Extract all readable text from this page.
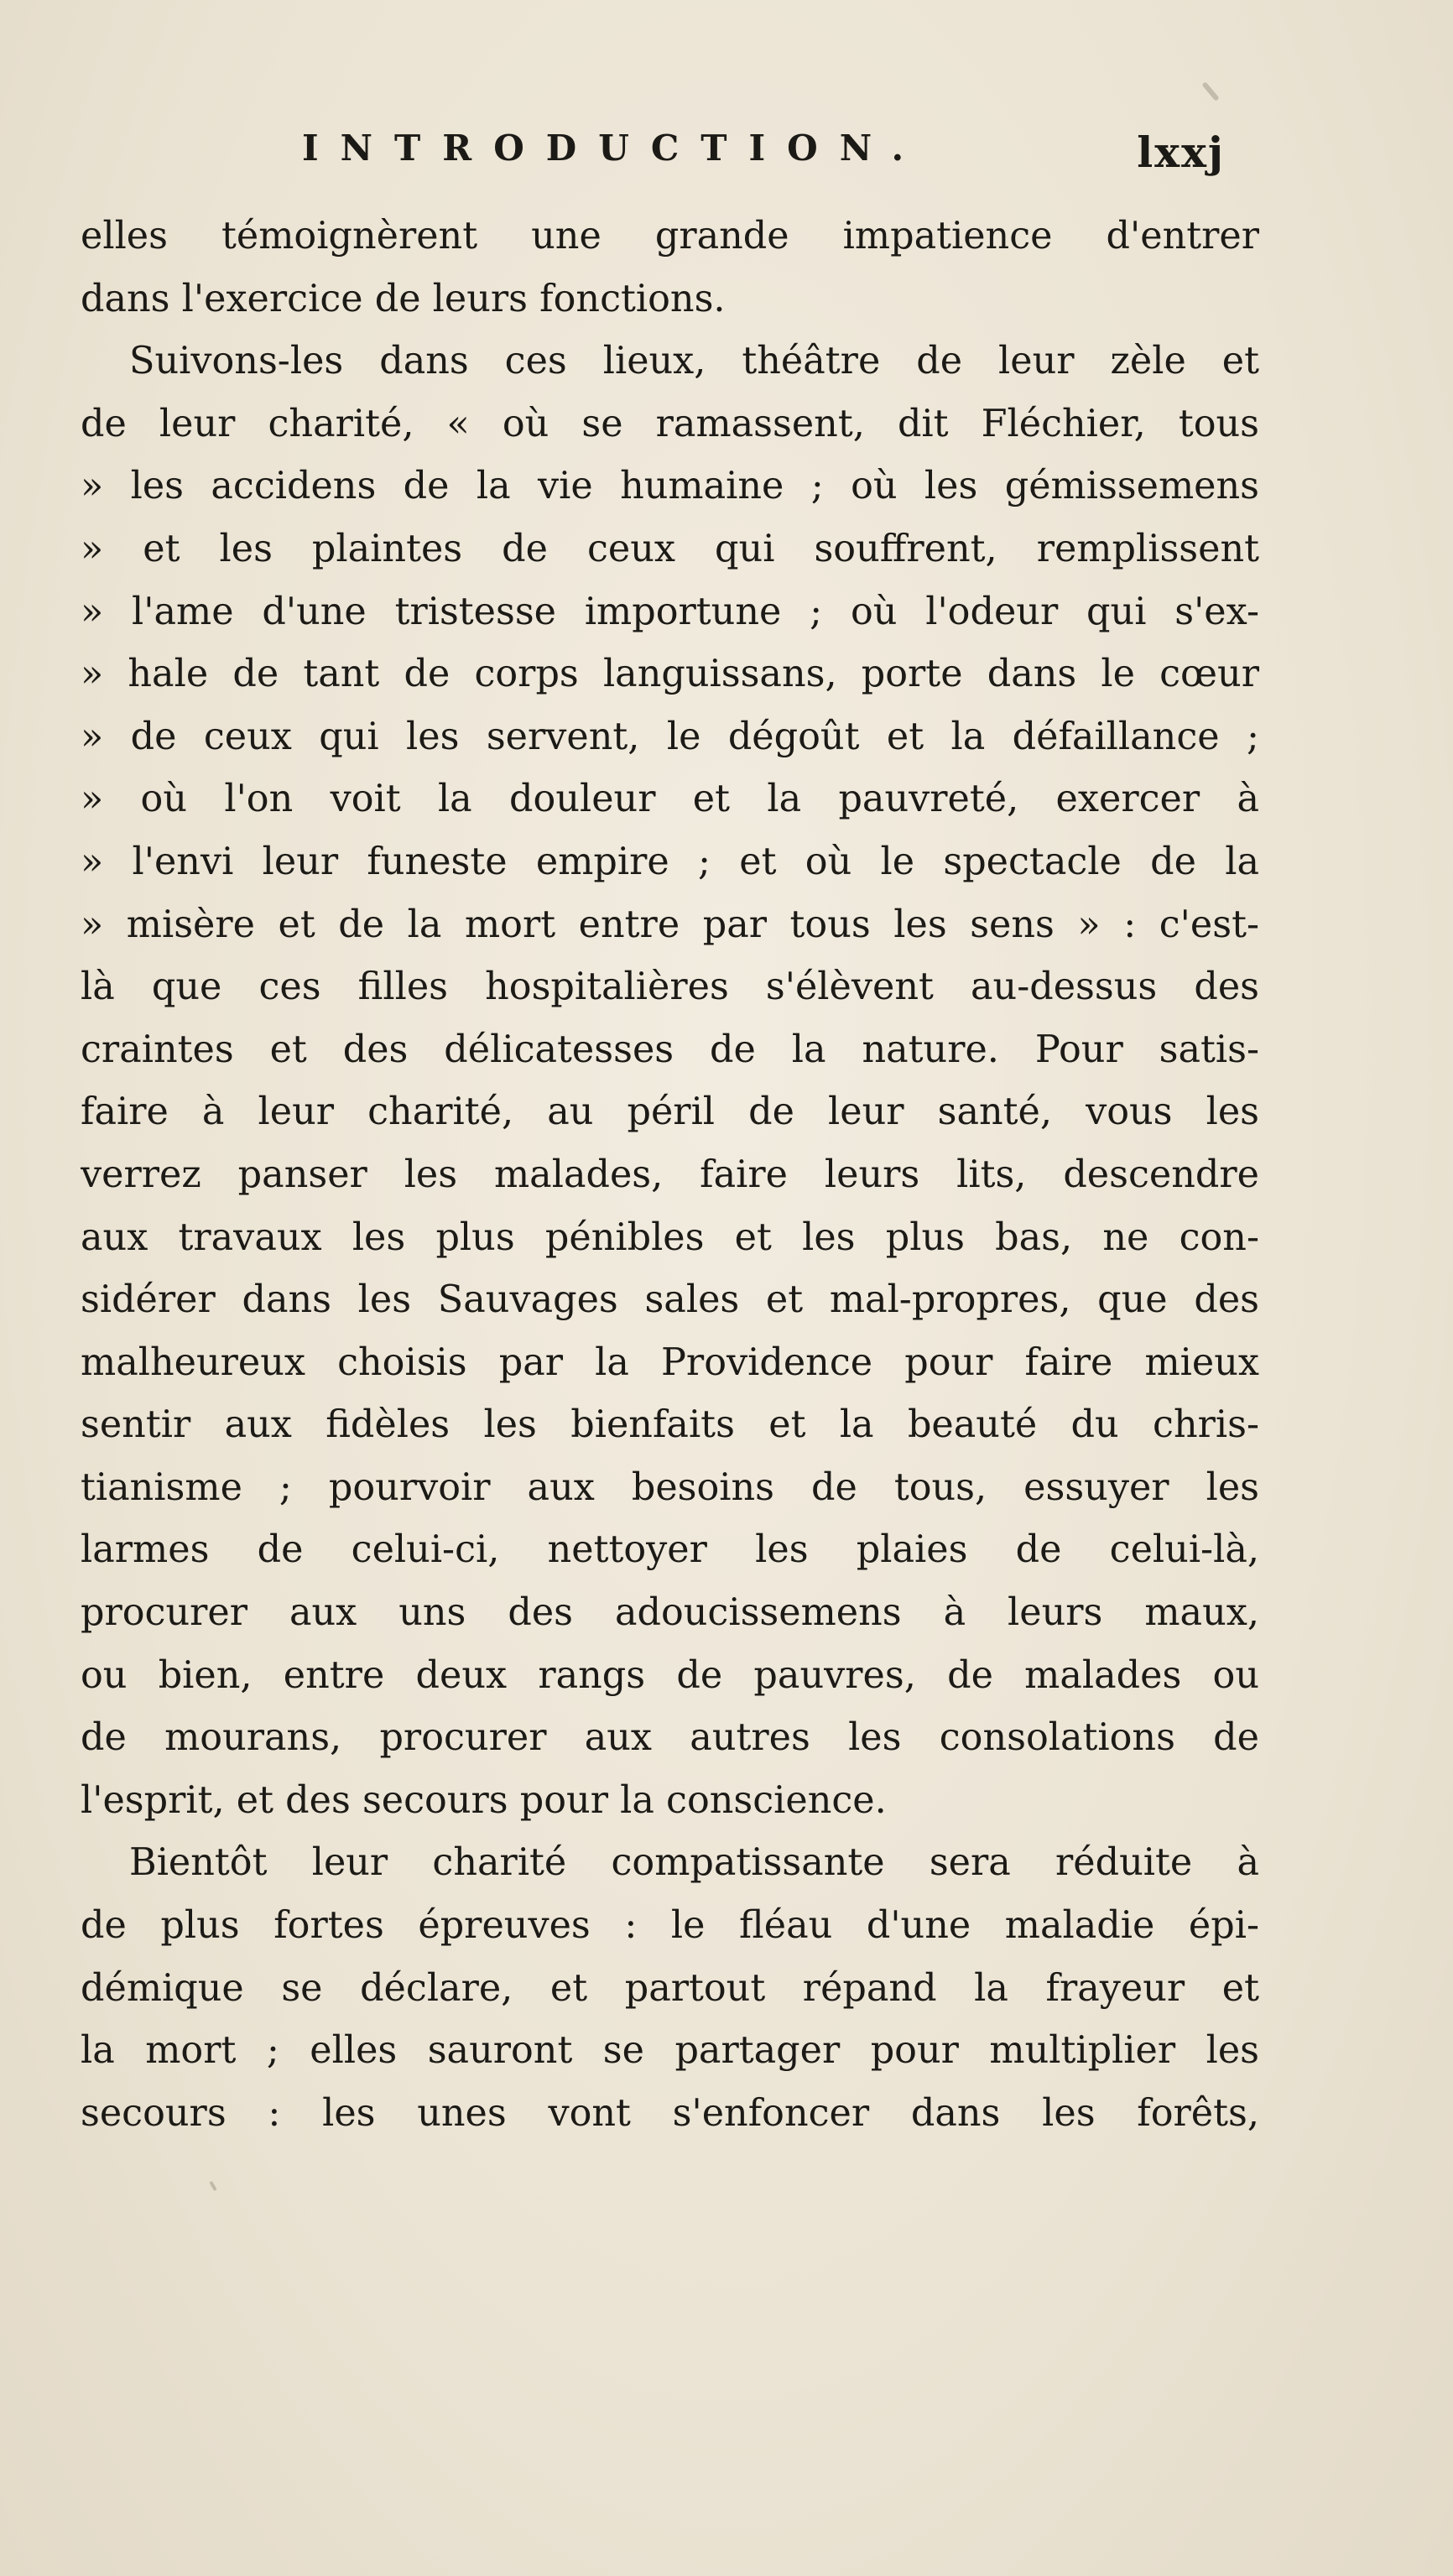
INTRODUCTION.	lxxj
elles témoignèrent une grande impatience d'entrer
dans l'exercice de leurs fonctions.
Suivons-les dans ces lieux, théâtre de leur zèle et
de leur charité, « où se ramassent, dit Fléchier, tous
» les accidens de la vie humaine ; où les gémissemens
» et les plaintes de ceux qui souffrent, remplissent
» l'ame d'une tristesse importune ; où l'odeur qui s'ex-
» hale de tant de corps languissans, porte dans le cœur
» de ceux qui les servent, le dégoût et la défaillance ;
» où l'on voit la douleur et la pauvreté, exercer à
» l'envi leur funeste empire ; et où le spectacle de la
» misère et de la mort entre par tous les sens » : c'est-
là que ces filles hospitalières s'élèvent au-dessus des
craintes et des délicatesses de la nature. Pour satis-
faire à leur charité, au péril de leur santé, vous les
verrez panser les malades, faire leurs lits, descendre
aux travaux les plus pénibles et les plus bas, ne con-
sidérer dans les Sauvages sales et mal-propres, que des
malheureux choisis par la Providence pour faire mieux
sentir aux fidèles les bienfaits et la beauté du chris-
tianisme ; pourvoir aux besoins de tous, essuyer les
larmes de celui-ci, nettoyer les plaies de celui-là,
procurer aux uns des adoucissemens à leurs maux,
ou bien, entre deux rangs de pauvres, de malades ou
de mourans, procurer aux autres les consolations de
l'esprit, et des secours pour la conscience.
Bientôt leur charité compatissante sera réduite à
de plus fortes épreuves : le fléau d'une maladie épi-
démique se déclare, et partout répand la frayeur et
la mort ; elles sauront se partager pour multiplier les
secours : les unes vont s'enfoncer dans les forêts,
